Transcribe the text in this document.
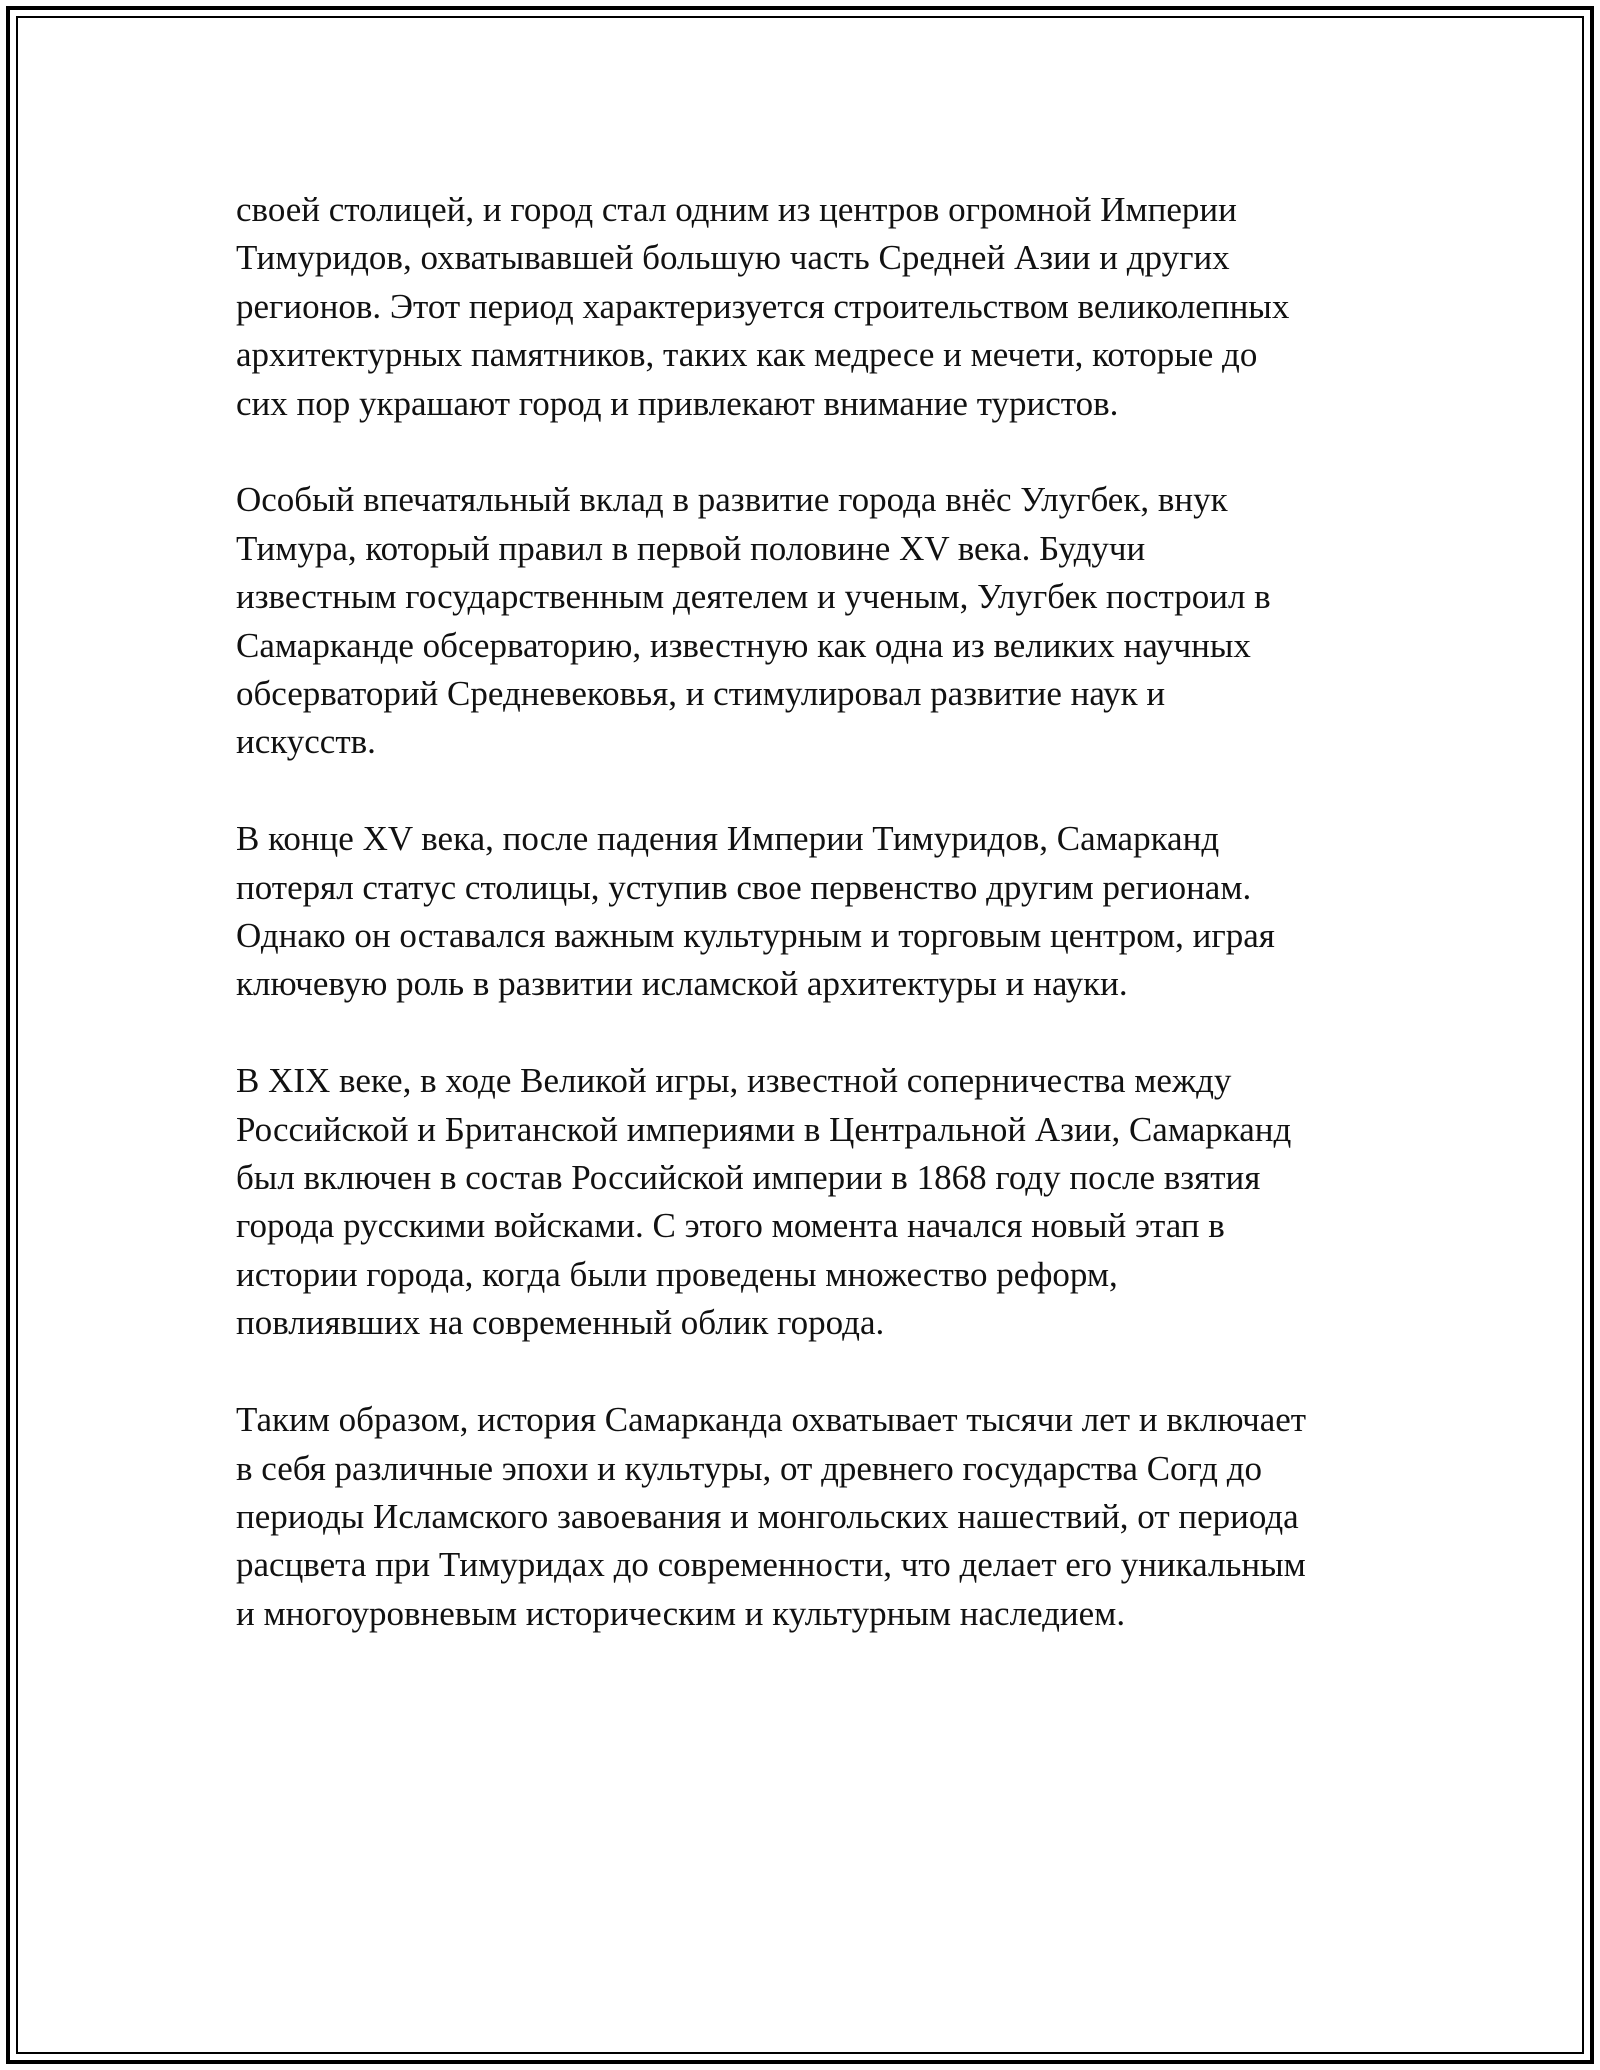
своей столицей, и город стал одним из центров огромной Империи
Тимуридов, охватывавшей большую часть Средней Азии и других
регионов. Этот период характеризуется строительством великолепных
архитектурных памятников, таких как медресе и мечети, которые до
сих пор украшают город и привлекают внимание туристов.

Особый впечатяльный вклад в развитие города внёс Улугбек, внук
Тимура, который правил в первой половине XV века. Будучи
известным государственным деятелем и ученым, Улугбек построил в
Самарканде обсерваторию, известную как одна из великих научных
обсерваторий Средневековья, и стимулировал развитие наук и
искусств.

В конце XV века, после падения Империи Тимуридов, Самарканд
потерял статус столицы, уступив свое первенство другим регионам.
Однако он оставался важным культурным и торговым центром, играя
ключевую роль в развитии исламской архитектуры и науки.

В XIX веке, в ходе Великой игры, известной соперничества между
Российской и Британской империями в Центральной Азии, Самарканд
был включен в состав Российской империи в 1868 году после взятия
города русскими войсками. С этого момента начался новый этап в
истории города, когда были проведены множество реформ,
повлиявших на современный облик города.

Таким образом, история Самарканда охватывает тысячи лет и включает
в себя различные эпохи и культуры, от древнего государства Согд до
периоды Исламского завоевания и монгольских нашествий, от периода
расцвета при Тимуридах до современности, что делает его уникальным
и многоуровневым историческим и культурным наследием.
